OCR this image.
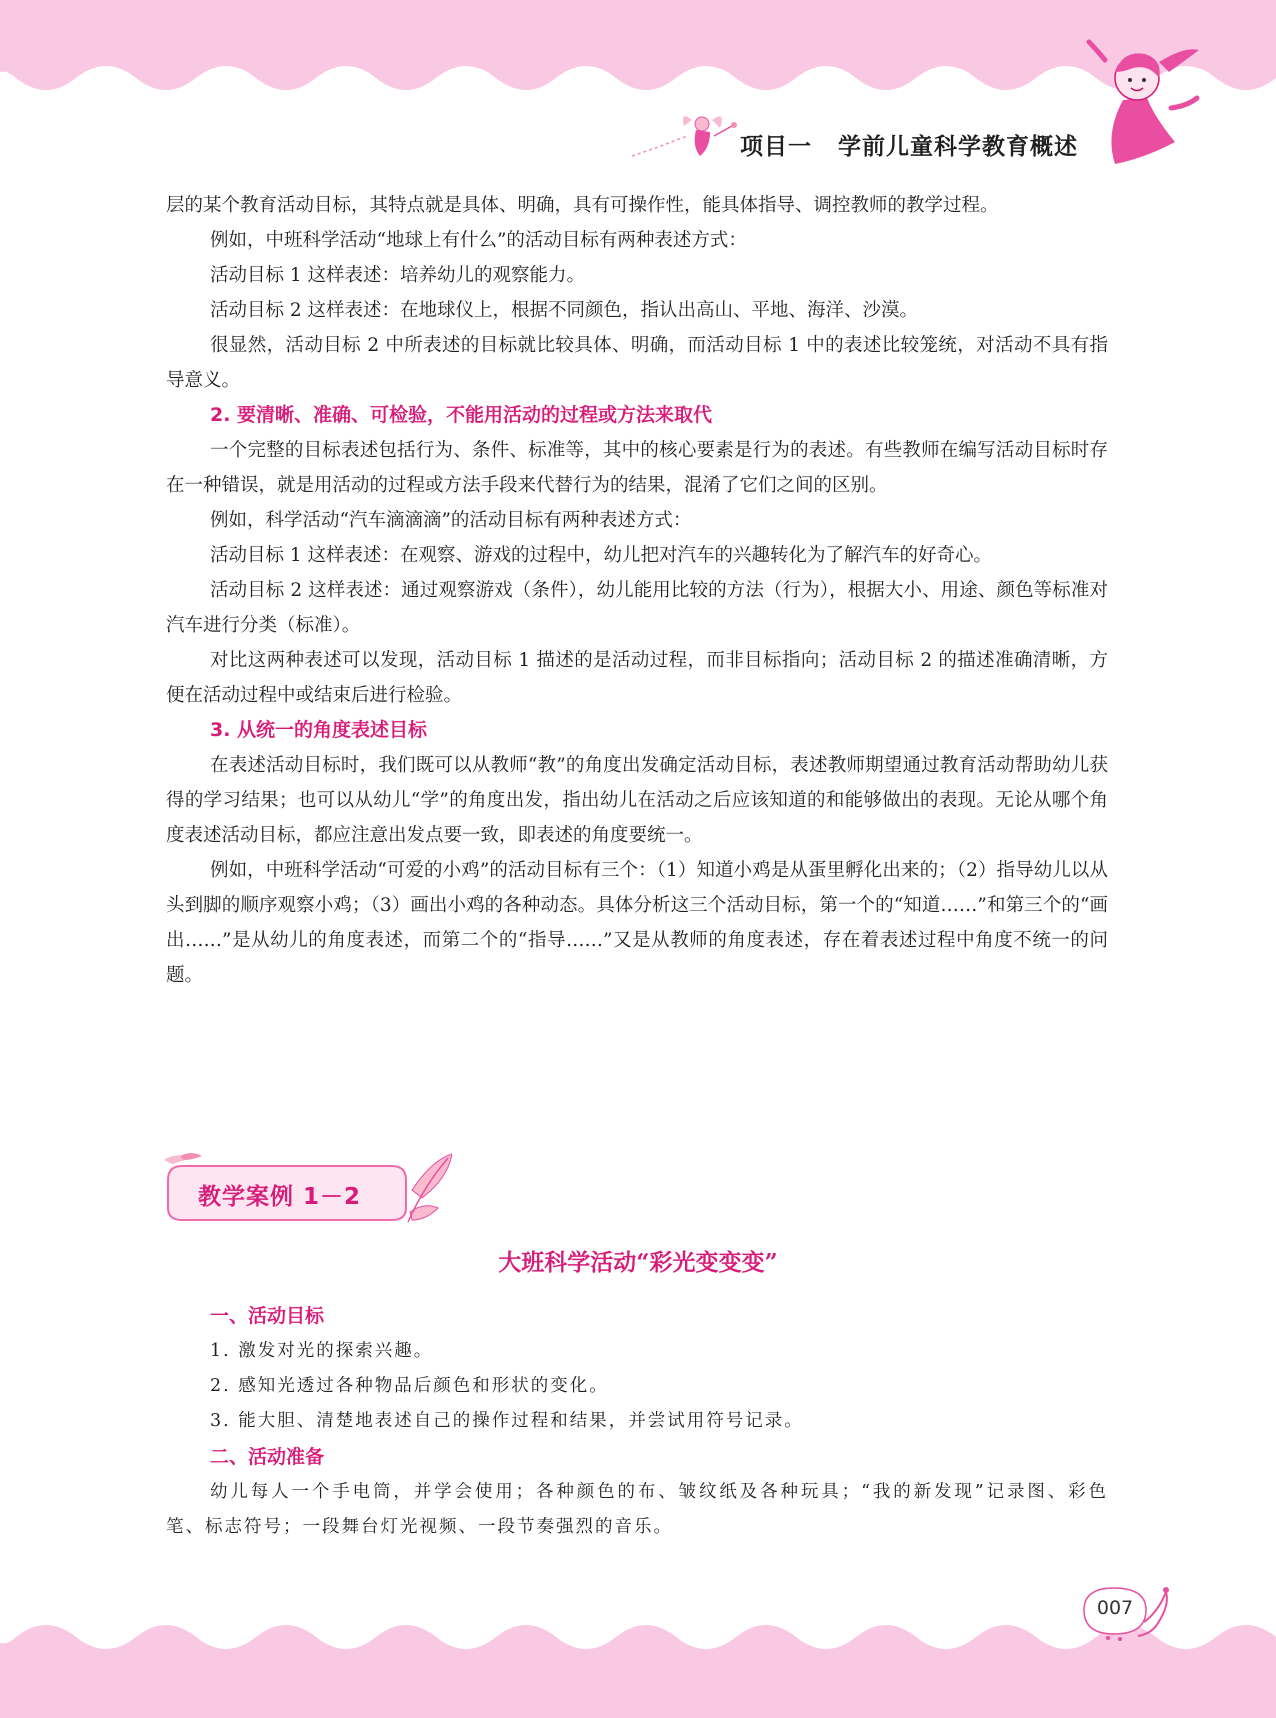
项目一 学前儿童科学教育概述

层的某个教育活动目标，其特点就是具体、明确，具有可操作性，能具体指导、调控教师的教学过程。

例如，中班科学活动“地球上有什么”的活动目标有两种表述方式：

活动目标 1 这样表述：培养幼儿的观察能力。

活动目标 2 这样表述：在地球仪上，根据不同颜色，指认出高山、平地、海洋、沙漠。

很显然，活动目标 2 中所表述的目标就比较具体、明确，而活动目标 1 中的表述比较笼统，对活动不具有指导意义。

2. 要清晰、准确、可检验，不能用活动的过程或方法来取代

一个完整的目标表述包括行为、条件、标准等，其中的核心要素是行为的表述。有些教师在编写活动目标时存在一种错误，就是用活动的过程或方法手段来代替行为的结果，混淆了它们之间的区别。

例如，科学活动“汽车滴滴滴”的活动目标有两种表述方式：

活动目标 1 这样表述：在观察、游戏的过程中，幼儿把对汽车的兴趣转化为了解汽车的好奇心。

活动目标 2 这样表述：通过观察游戏（条件），幼儿能用比较的方法（行为），根据大小、用途、颜色等标准对汽车进行分类（标准）。

对比这两种表述可以发现，活动目标 1 描述的是活动过程，而非目标指向；活动目标 2 的描述准确清晰，方便在活动过程中或结束后进行检验。

3. 从统一的角度表述目标

在表述活动目标时，我们既可以从教师“教”的角度出发确定活动目标，表述教师期望通过教育活动帮助幼儿获得的学习结果；也可以从幼儿“学”的角度出发，指出幼儿在活动之后应该知道的和能够做出的表现。无论从哪个角度表述活动目标，都应注意出发点要一致，即表述的角度要统一。

例如，中班科学活动“可爱的小鸡”的活动目标有三个：（1）知道小鸡是从蛋里孵化出来的；（2）指导幼儿以从头到脚的顺序观察小鸡；（3）画出小鸡的各种动态。具体分析这三个活动目标，第一个的“知道……”和第三个的“画出……”是从幼儿的角度表述，而第二个的“指导……”又是从教师的角度表述，存在着表述过程中角度不统一的问题。

教学案例 1－2
大班科学活动“彩光变变变”

一、活动目标

1. 激发对光的探索兴趣。

2. 感知光透过各种物品后颜色和形状的变化。

3. 能大胆、清楚地表述自己的操作过程和结果，并尝试用符号记录。

二、活动准备

幼儿每人一个手电筒，并学会使用；各种颜色的布、皱纹纸及各种玩具；“我的新发现”记录图、彩色笔、标志符号；一段舞台灯光视频、一段节奏强烈的音乐。

007
